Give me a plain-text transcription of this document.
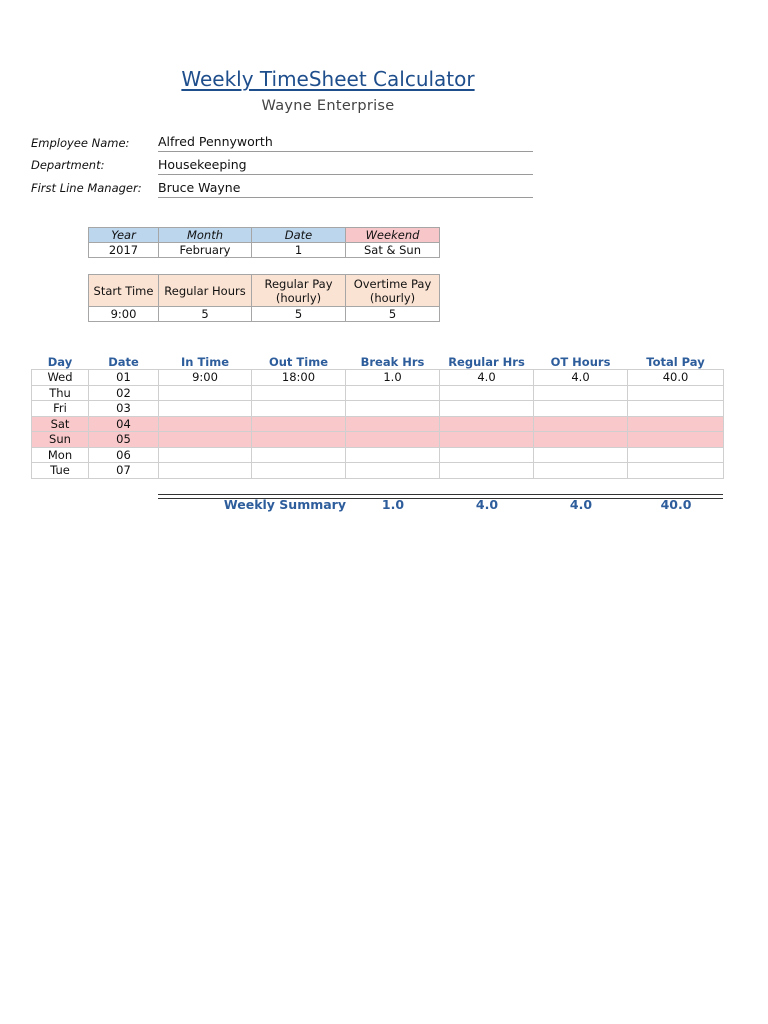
Weekly TimeSheet Calculator
Wayne Enterprise
Employee Name: Alfred Pennyworth
Department:	Housekeeping
First Line Manager: Bruce Wayne
Year	Month	Date	Weekend
2017	February	1	Sat & Sun
Start Time	Regular Hours	Regular Pay (hourly)	Overtime Pay (hourly)
9:00	5	5	5
Day	Date	In Time	Out Time	Break Hrs	Regular Hrs	OT Hours	Total Pay
Wed	01	9:00	18:00	1.0	4.0	4.0	40.0
Thu	02						
Fri	03						
Sat	04						
Sun	05						
Mon	06						
Tue	07						
Weekly Summary	1.0	4.0	4.0	40.0
